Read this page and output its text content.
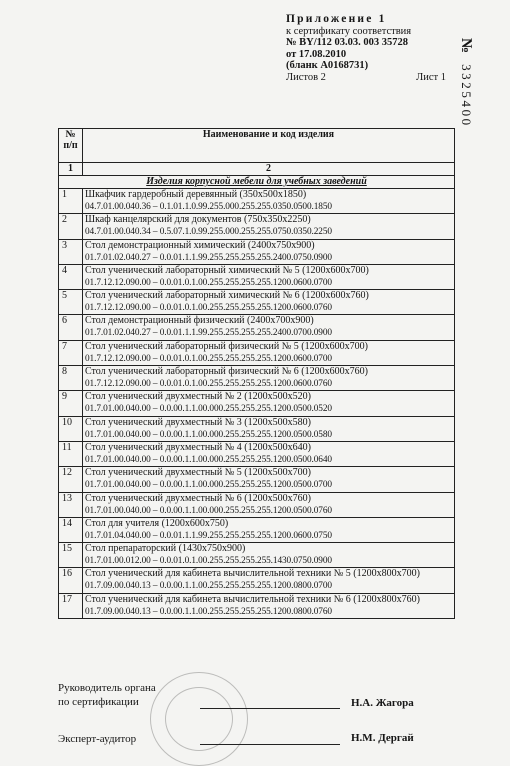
Приложение 1
к сертификату соответствия
№ BY/112 03.03. 003 35728
от 17.08.2010
(бланк А0168731)
Листов 2	Лист 1
№3325400
№
п/п	Наименование и код изделия
1	2
Изделия корпусной мебели для учебных заведений	
1	Шкафчик гардеробный деревянный (350x500x1850)
04.7.01.00.040.36 – 0.1.01.1.0.99.255.000.255.255.0350.0500.1850

2	Шкаф канцелярский для документов (750x350x2250)
04.7.01.00.040.34 – 0.5.07.1.0.99.255.000.255.255.0750.0350.2250

3	Стол демонстрационный химический (2400x750x900)
01.7.01.02.040.27 – 0.0.01.1.1.99.255.255.255.255.2400.0750.0900

4	Стол ученический лабораторный химический № 5 (1200x600x700)
01.7.12.12.090.00 – 0.0.01.0.1.00.255.255.255.255.1200.0600.0700

5	Стол ученический лабораторный химический № 6 (1200x600x760)
01.7.12.12.090.00 – 0.0.01.0.1.00.255.255.255.255.1200.0600.0760

6	Стол демонстрационный физический (2400x700x900)
01.7.01.02.040.27 – 0.0.01.1.1.99.255.255.255.255.2400.0700.0900

7	Стол ученический лабораторный физический № 5 (1200x600x700)
01.7.12.12.090.00 – 0.0.01.0.1.00.255.255.255.255.1200.0600.0700

8	Стол ученический лабораторный физический № 6 (1200x600x760)
01.7.12.12.090.00 – 0.0.01.0.1.00.255.255.255.255.1200.0600.0760

9	Стол ученический двухместный № 2 (1200x500x520)
01.7.01.00.040.00 – 0.0.00.1.1.00.000.255.255.255.1200.0500.0520

10	Стол ученический двухместный № 3 (1200x500x580)
01.7.01.00.040.00 – 0.0.00.1.1.00.000.255.255.255.1200.0500.0580

11	Стол ученический двухместный № 4 (1200x500x640)
01.7.01.00.040.00 – 0.0.00.1.1.00.000.255.255.255.1200.0500.0640

12	Стол ученический двухместный № 5 (1200x500x700)
01.7.01.00.040.00 – 0.0.00.1.1.00.000.255.255.255.1200.0500.0700

13	Стол ученический двухместный № 6 (1200x500x760)
01.7.01.00.040.00 – 0.0.00.1.1.00.000.255.255.255.1200.0500.0760

14	Стол для учителя (1200x600x750)
01.7.01.04.040.00 – 0.0.01.1.1.99.255.255.255.255.1200.0600.0750

15	Стол препараторский (1430x750x900)
01.7.01.00.012.00 – 0.0.01.0.1.00.255.255.255.255.1430.0750.0900

16	Стол ученический для кабинета вычислительной техники № 5 (1200x800x700)
01.7.09.00.040.13 – 0.0.00.1.1.00.255.255.255.255.1200.0800.0700

17	Стол ученический для кабинета вычислительной техники № 6 (1200x800x760)
01.7.09.00.040.13 – 0.0.00.1.1.00.255.255.255.255.1200.0800.0760
Руководитель органа
по сертификации	Н.А. Жагора
Эксперт-аудитор	Н.М. Дергай
